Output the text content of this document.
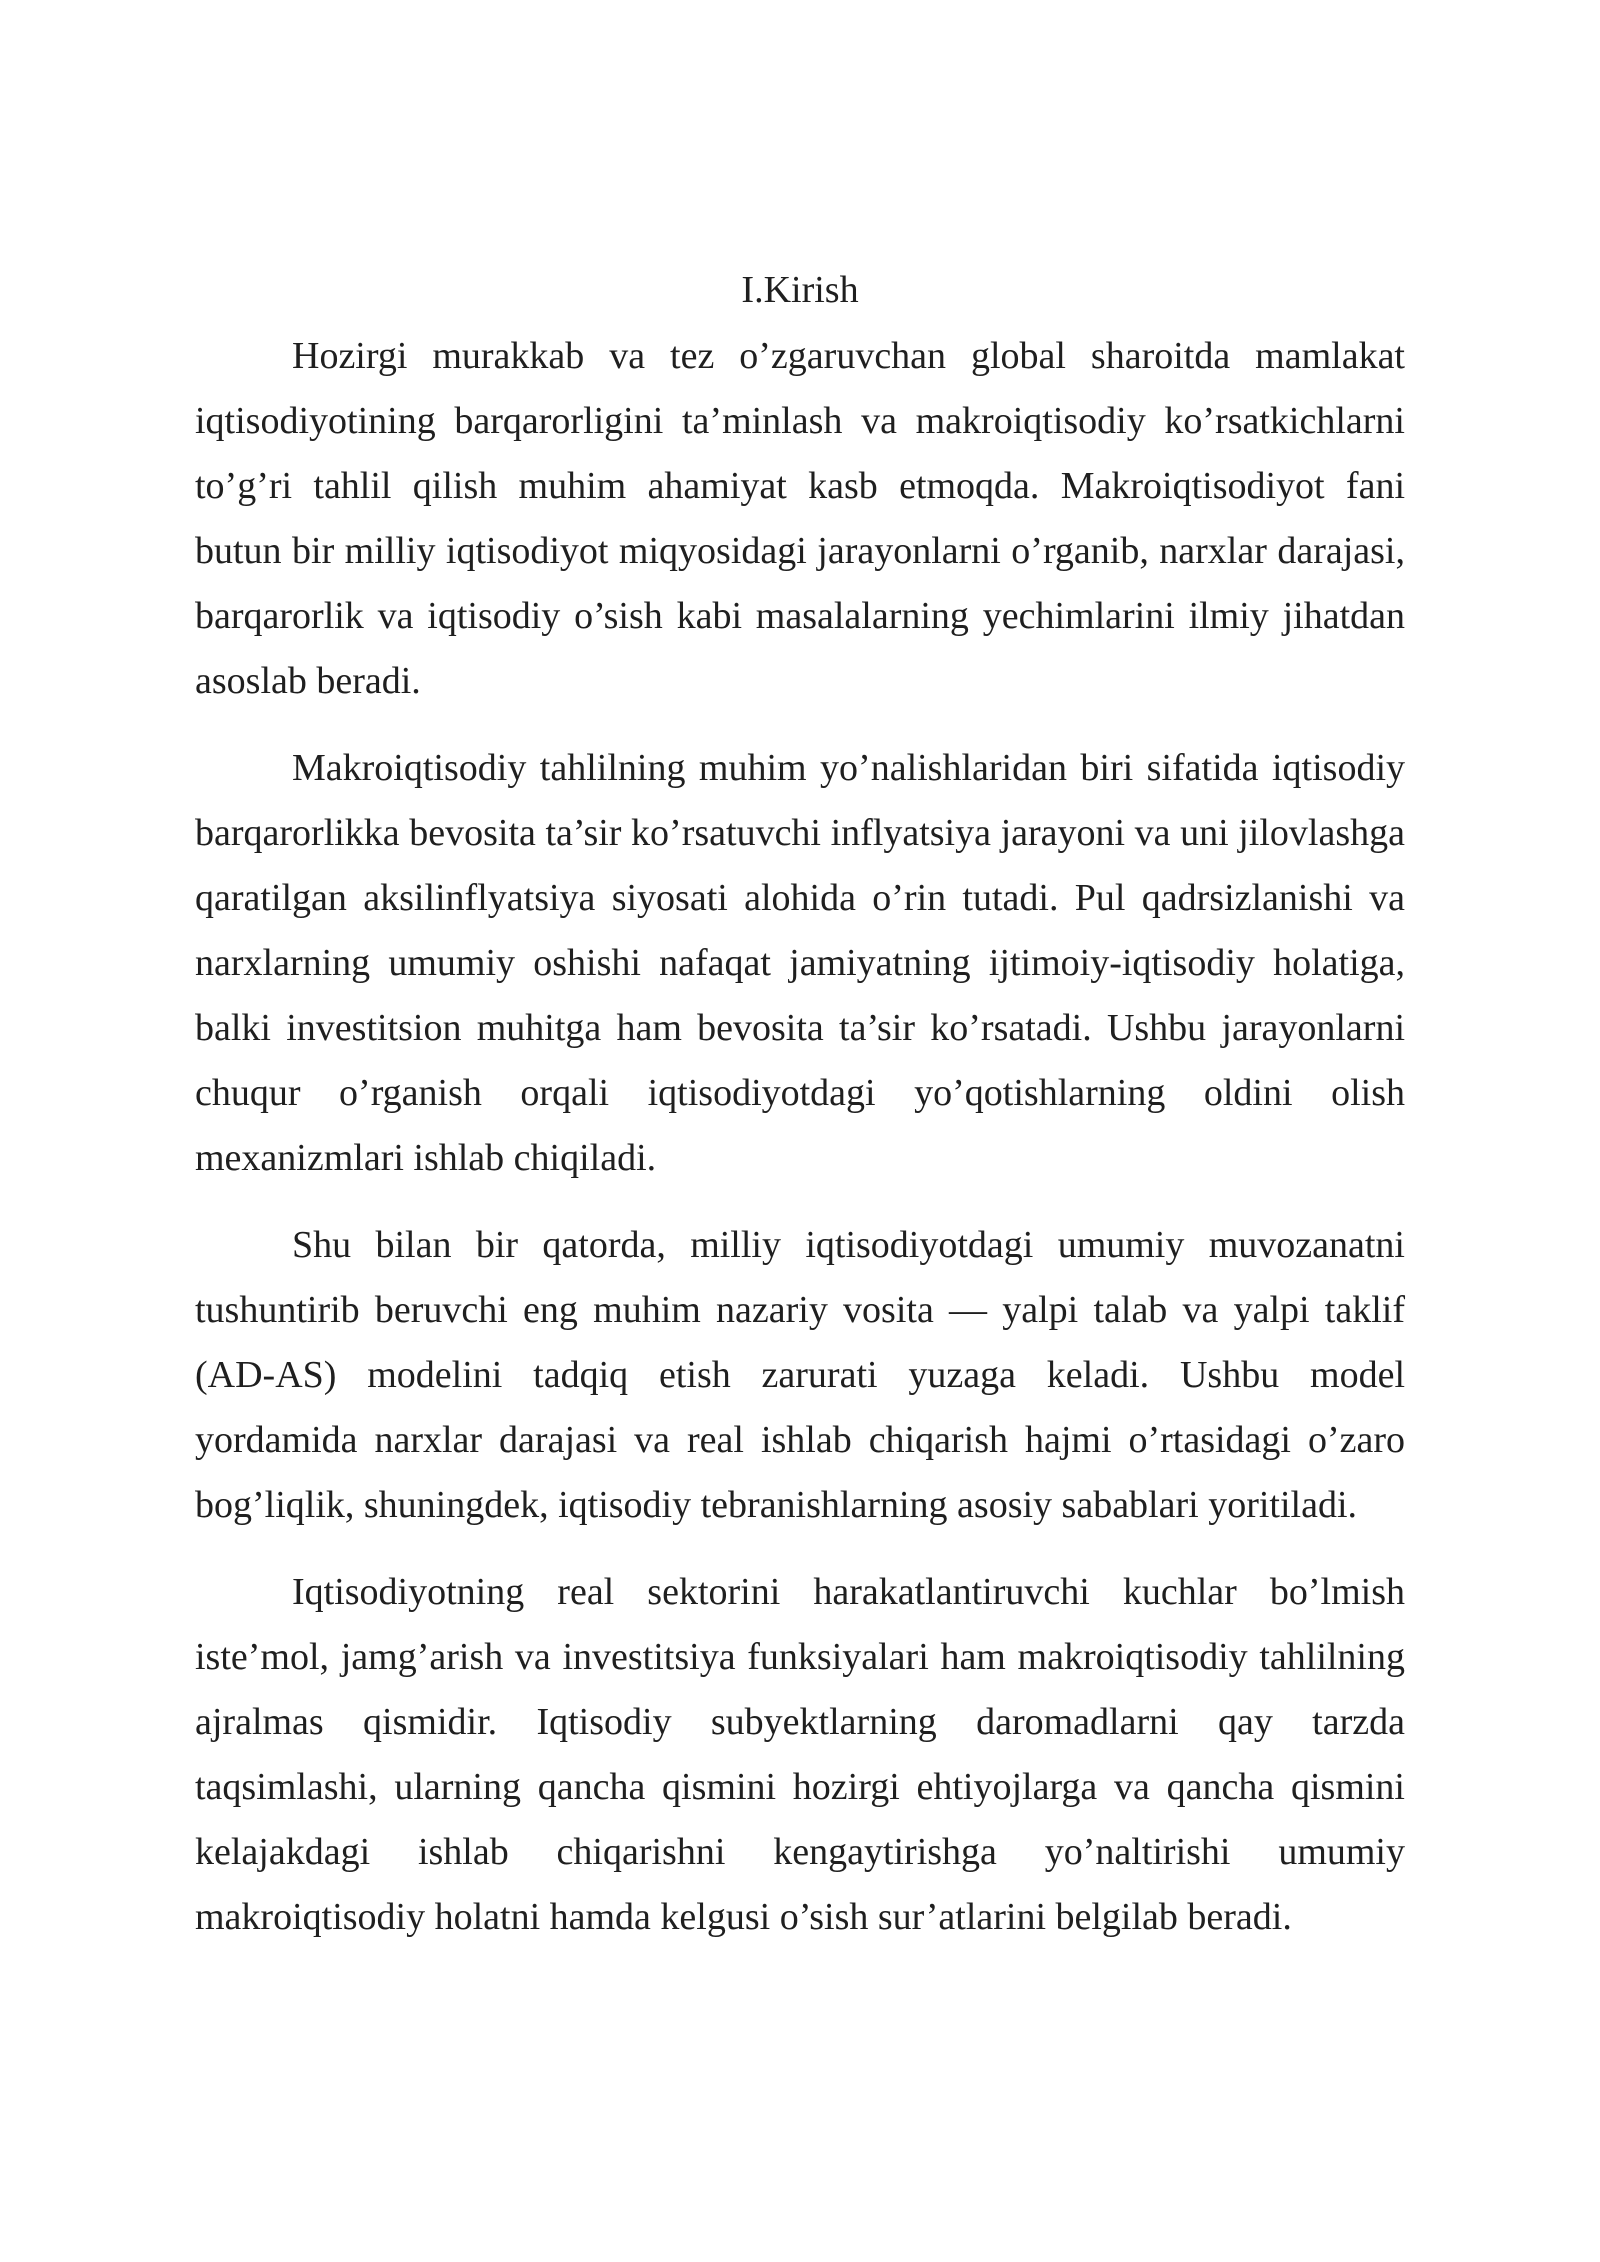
I.Kirish

Hozirgi murakkab va tez o’zgaruvchan global sharoitda mamlakat iqtisodiyotining barqarorligini ta’minlash va makroiqtisodiy ko’rsatkichlarni to’g’ri tahlil qilish muhim ahamiyat kasb etmoqda. Makroiqtisodiyot fani butun bir milliy iqtisodiyot miqyosidagi jarayonlarni o’rganib, narxlar darajasi, barqarorlik va iqtisodiy o’sish kabi masalalarning yechimlarini ilmiy jihatdan asoslab beradi.

Makroiqtisodiy tahlilning muhim yo’nalishlaridan biri sifatida iqtisodiy barqarorlikka bevosita ta’sir ko’rsatuvchi inflyatsiya jarayoni va uni jilovlashga qaratilgan aksilinflyatsiya siyosati alohida o’rin tutadi. Pul qadrsizlanishi va narxlarning umumiy oshishi nafaqat jamiyatning ijtimoiy-iqtisodiy holatiga, balki investitsion muhitga ham bevosita ta’sir ko’rsatadi. Ushbu jarayonlarni chuqur o’rganish orqali iqtisodiyotdagi yo’qotishlarning oldini olish mexanizmlari ishlab chiqiladi.

Shu bilan bir qatorda, milliy iqtisodiyotdagi umumiy muvozanatni tushuntirib beruvchi eng muhim nazariy vosita — yalpi talab va yalpi taklif (AD-AS) modelini tadqiq etish zarurati yuzaga keladi. Ushbu model yordamida narxlar darajasi va real ishlab chiqarish hajmi o’rtasidagi o’zaro bog’liqlik, shuningdek, iqtisodiy tebranishlarning asosiy sabablari yoritiladi.

Iqtisodiyotning real sektorini harakatlantiruvchi kuchlar bo’lmish iste’mol, jamg’arish va investitsiya funksiyalari ham makroiqtisodiy tahlilning ajralmas qismidir. Iqtisodiy subyektlarning daromadlarni qay tarzda taqsimlashi, ularning qancha qismini hozirgi ehtiyojlarga va qancha qismini kelajakdagi ishlab chiqarishni kengaytirishga yo’naltirishi umumiy makroiqtisodiy holatni hamda kelgusi o’sish sur’atlarini belgilab beradi.
